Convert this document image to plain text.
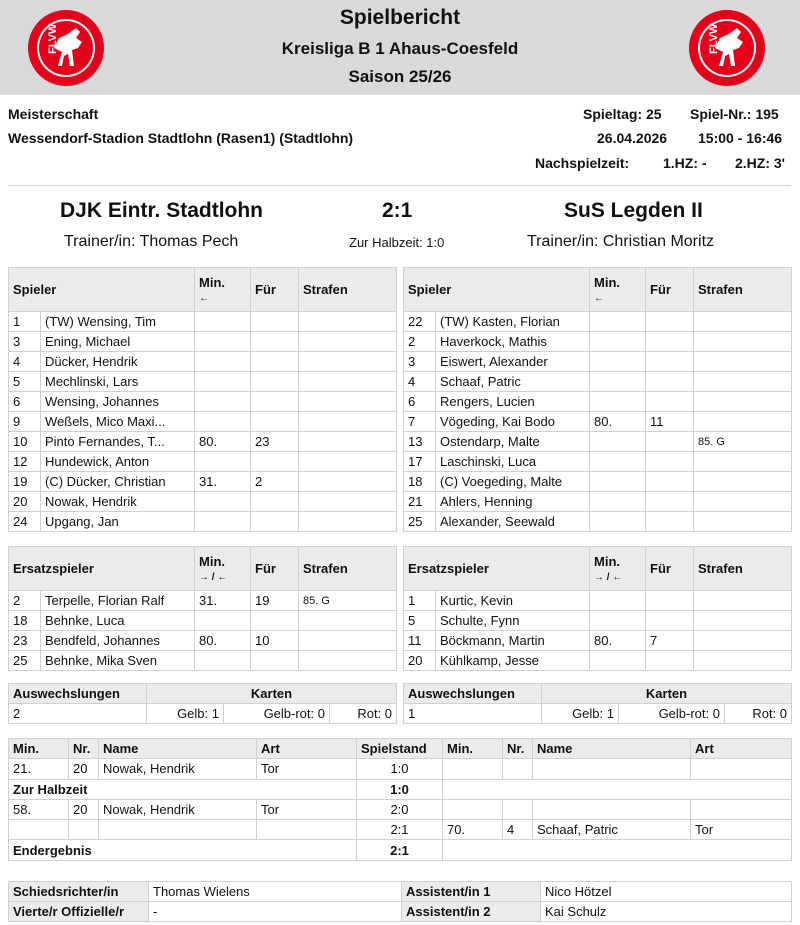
FLVW
Spielbericht
Kreisliga B 1 Ahaus-Coesfeld
Saison 25/26
FLVW
Meisterschaft
Wessendorf-Stadion Stadtlohn (Rasen1) (Stadtlohn)
Spieltag: 25 Spiel-Nr.: 195
26.04.2026 15:00 - 16:46
Nachspielzeit: 1.HZ: - 2.HZ: 3'
DJK Eintr. Stadtlohn	2:1	SuS Legden II
Trainer/in: Thomas Pech	Zur Halbzeit: 1:0	Trainer/in: Christian Moritz
Spieler		Min.
←	Für	Strafen
1	(TW) Wensing, Tim			
3	Ening, Michael			
4	Dücker, Hendrik			
5	Mechlinski, Lars			
6	Wensing, Johannes			
9	Weßels, Mico Maxi...			
10	Pinto Fernandes, T...	80.	23	
12	Hundewick, Anton			
19	(C) Dücker, Christian	31.	2	
20	Nowak, Hendrik			
24	Upgang, Jan			
Spieler		Min.
←	Für	Strafen
22	(TW) Kasten, Florian			
2	Haverkock, Mathis			
3	Eiswert, Alexander			
4	Schaaf, Patric			
6	Rengers, Lucien			
7	Vögeding, Kai Bodo	80.	11	
13	Ostendarp, Malte			85. G
17	Laschinski, Luca			
18	(C) Voegeding, Malte			
21	Ahlers, Henning			
25	Alexander, Seewald			
Ersatzspieler		Min.
→ / ←	Für	Strafen
2	Terpelle, Florian Ralf	31.	19	85. G
18	Behnke, Luca			
23	Bendfeld, Johannes	80.	10	
25	Behnke, Mika Sven			
Ersatzspieler		Min.
→ / ←	Für	Strafen
1	Kurtic, Kevin			
5	Schulte, Fynn			
11	Böckmann, Martin	80.	7	
20	Kühlkamp, Jesse			
Auswechslungen	Karten		
2	Gelb: 1	Gelb-rot: 0	Rot: 0
Auswechslungen	Karten		
1	Gelb: 1	Gelb-rot: 0	Rot: 0
Min.	Nr.	Name	Art	Spielstand	Min.	Nr.	Name	Art
21.	20	Nowak, Hendrik	Tor	1:0				
Zur Halbzeit				1:0				
58.	20	Nowak, Hendrik	Tor	2:0				
				2:1	70.	4	Schaaf, Patric	Tor
Endergebnis				2:1				
Schiedsrichter/in	Thomas Wielens	Assistent/in 1	Nico Hötzel
Vierte/r Offizielle/r	-	Assistent/in 2	Kai Schulz
